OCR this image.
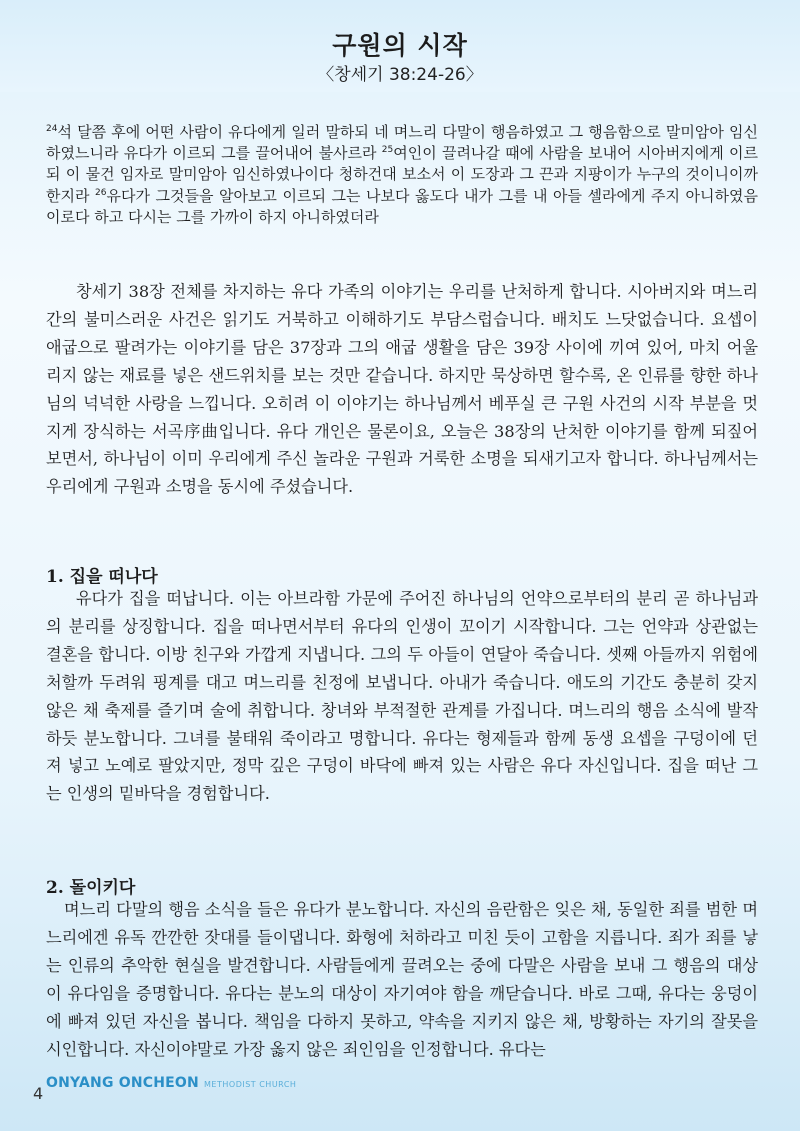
구원의 시작
〈창세기 38:24-26〉

$^{24}$석 달쯤 후에 어떤 사람이 유다에게 일러 말하되 네 며느리 다말이 행음하였고 그 행음함으로 말미암아 임신하였느니라 유다가 이르되 그를 끌어내어 불사르라 $^{25}$여인이 끌려나갈 때에 사람을 보내어 시아버지에게 이르되 이 물건 임자로 말미암아 임신하였나이다 청하건대 보소서 이 도장과 그 끈과 지팡이가 누구의 것이니이까 한지라 $^{26}$유다가 그것들을 알아보고 이르되 그는 나보다 옳도다 내가 그를 내 아들 셀라에게 주지 아니하였음이로다 하고 다시는 그를 가까이 하지 아니하였더라

창세기 38장 전체를 차지하는 유다 가족의 이야기는 우리를 난처하게 합니다. 시아버지와 며느리 간의 불미스러운 사건은 읽기도 거북하고 이해하기도 부담스럽습니다. 배치도 느닷없습니다. 요셉이 애굽으로 팔려가는 이야기를 담은 37장과 그의 애굽 생활을 담은 39장 사이에 끼여 있어, 마치 어울리지 않는 재료를 넣은 샌드위치를 보는 것만 같습니다. 하지만 묵상하면 할수록, 온 인류를 향한 하나님의 넉넉한 사랑을 느낍니다. 오히려 이 이야기는 하나님께서 베푸실 큰 구원 사건의 시작 부분을 멋지게 장식하는 서곡序曲입니다. 유다 개인은 물론이요, 오늘은 38장의 난처한 이야기를 함께 되짚어 보면서, 하나님이 이미 우리에게 주신 놀라운 구원과 거룩한 소명을 되새기고자 합니다. 하나님께서는 우리에게 구원과 소명을 동시에 주셨습니다.

1. 집을 떠나다

유다가 집을 떠납니다. 이는 아브라함 가문에 주어진 하나님의 언약으로부터의 분리 곧 하나님과의 분리를 상징합니다. 집을 떠나면서부터 유다의 인생이 꼬이기 시작합니다. 그는 언약과 상관없는 결혼을 합니다. 이방 친구와 가깝게 지냅니다. 그의 두 아들이 연달아 죽습니다. 셋째 아들까지 위험에 처할까 두려워 핑계를 대고 며느리를 친정에 보냅니다. 아내가 죽습니다. 애도의 기간도 충분히 갖지 않은 채 축제를 즐기며 술에 취합니다. 창녀와 부적절한 관계를 가집니다. 며느리의 행음 소식에 발작하듯 분노합니다. 그녀를 불태워 죽이라고 명합니다. 유다는 형제들과 함께 동생 요셉을 구덩이에 던져 넣고 노예로 팔았지만, 정막 깊은 구덩이 바닥에 빠져 있는 사람은 유다 자신입니다. 집을 떠난 그는 인생의 밑바닥을 경험합니다.

2. 돌이키다

며느리 다말의 행음 소식을 들은 유다가 분노합니다. 자신의 음란함은 잊은 채, 동일한 죄를 범한 며느리에겐 유독 깐깐한 잣대를 들이댑니다. 화형에 처하라고 미친 듯이 고함을 지릅니다. 죄가 죄를 낳는 인류의 추악한 현실을 발견합니다. 사람들에게 끌려오는 중에 다말은 사람을 보내 그 행음의 대상이 유다임을 증명합니다. 유다는 분노의 대상이 자기여야 함을 깨닫습니다. 바로 그때, 유다는 웅덩이에 빠져 있던 자신을 봅니다. 책임을 다하지 못하고, 약속을 지키지 않은 채, 방황하는 자기의 잘못을 시인합니다. 자신이야말로 가장 옳지 않은 죄인임을 인정합니다. 유다는

4
ONYANG ONCHEON METHODIST CHURCH
